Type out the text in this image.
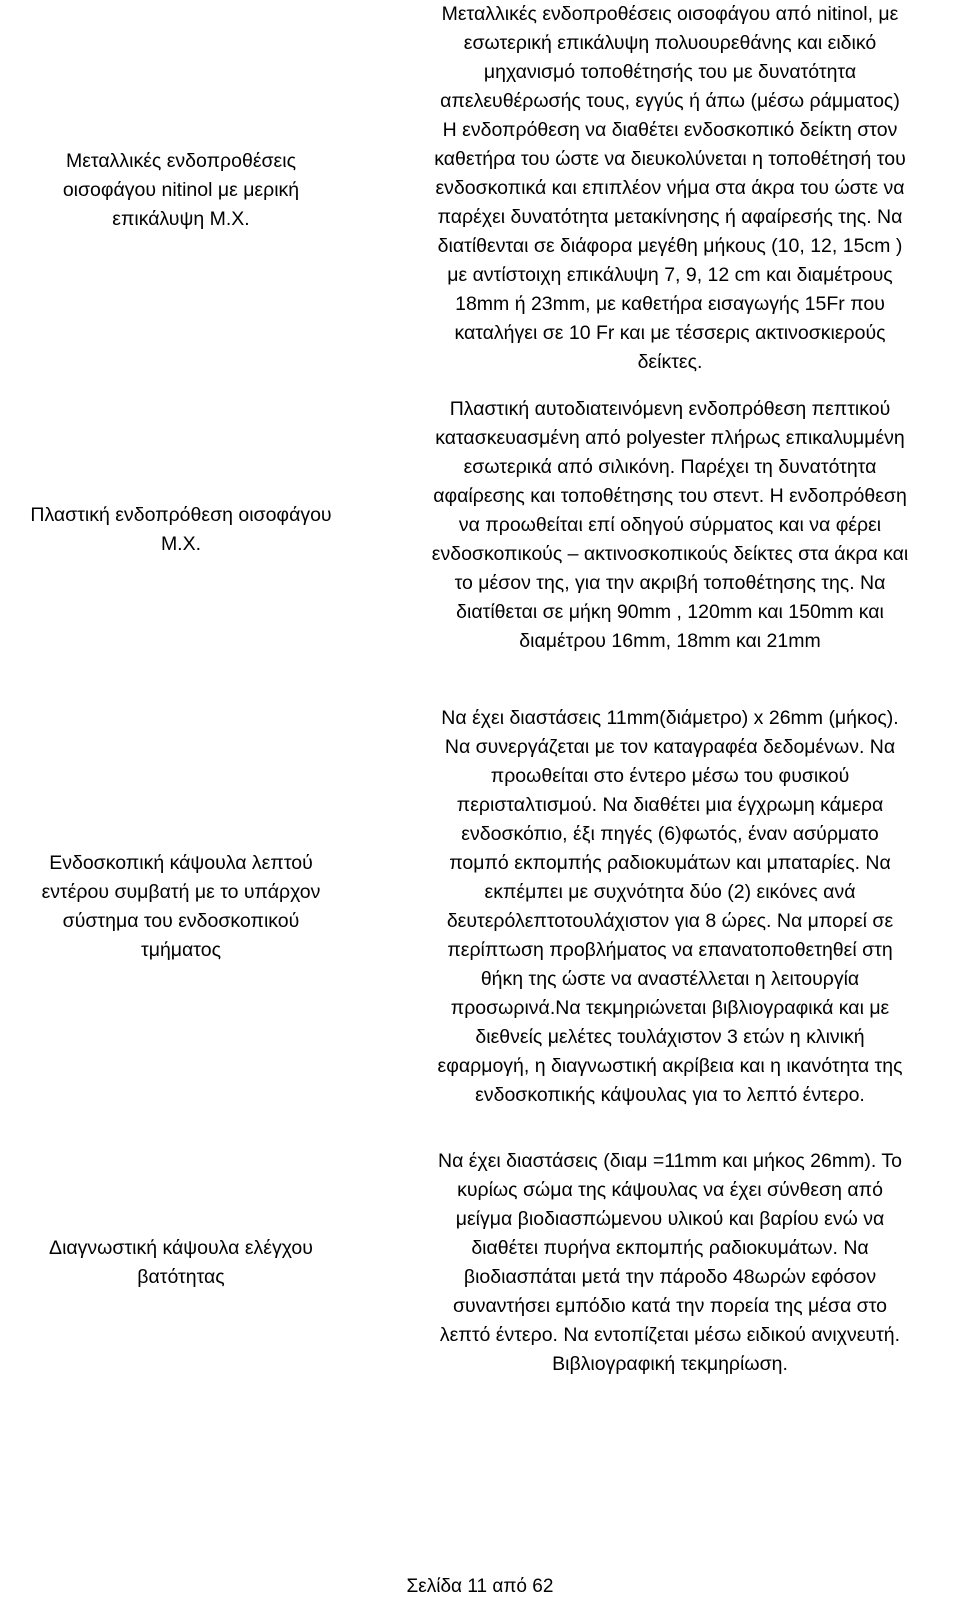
Μεταλλικές ενδοπροθέσεις
οισοφάγου nitinol με μερική
επικάλυψη Μ.Χ.
Μεταλλικές ενδοπροθέσεις οισοφάγου από nitinol, με
εσωτερική επικάλυψη πολυουρεθάνης και ειδικό
μηχανισμό τοποθέτησής του με δυνατότητα
απελευθέρωσής τους, εγγύς ή άπω (μέσω ράμματος)
Η ενδοπρόθεση να διαθέτει ενδοσκοπικό δείκτη στον
καθετήρα του ώστε να διευκολύνεται η τοποθέτησή του
ενδοσκοπικά και επιπλέον νήμα στα άκρα του ώστε να
παρέχει δυνατότητα μετακίνησης ή αφαίρεσής της. Να
διατίθενται σε διάφορα μεγέθη μήκους (10, 12, 15cm )
με αντίστοιχη επικάλυψη 7, 9, 12 cm και διαμέτρους
18mm ή 23mm, με καθετήρα εισαγωγής 15Fr που
καταλήγει σε 10 Fr και με τέσσερις ακτινοσκιερούς
δείκτες.
Πλαστική ενδοπρόθεση οισοφάγου
Μ.Χ.
Πλαστική αυτοδιατεινόμενη ενδοπρόθεση πεπτικού
κατασκευασμένη από polyester πλήρως επικαλυμμένη
εσωτερικά από σιλικόνη. Παρέχει τη δυνατότητα
αφαίρεσης και τοποθέτησης του στεντ. Η ενδοπρόθεση
να προωθείται επί οδηγού σύρματος και να φέρει
ενδοσκοπικούς – ακτινοσκοπικούς δείκτες στα άκρα και
το μέσον της, για την ακριβή τοποθέτησης της. Να
διατίθεται σε μήκη 90mm , 120mm και 150mm και
διαμέτρου 16mm, 18mm και 21mm
Ενδοσκοπική κάψουλα λεπτού
εντέρου συμβατή με το υπάρχον
σύστημα του ενδοσκοπικού
τμήματος
Να έχει διαστάσεις 11mm(διάμετρο) x 26mm (μήκος).
Να συνεργάζεται με τον καταγραφέα δεδομένων. Να
προωθείται στο έντερο μέσω του φυσικού
περισταλτισμού. Να διαθέτει μια έγχρωμη κάμερα
ενδοσκόπιο, έξι πηγές (6)φωτός, έναν ασύρματο
πομπό εκπομπής ραδιοκυμάτων και μπαταρίες. Να
εκπέμπει με συχνότητα δύο (2) εικόνες ανά
δευτερόλεπτοτουλάχιστον για 8 ώρες. Να μπορεί σε
περίπτωση προβλήματος να επανατοποθετηθεί στη
θήκη της ώστε να αναστέλλεται η λειτουργία
προσωρινά.Να τεκμηριώνεται βιβλιογραφικά και με
διεθνείς μελέτες τουλάχιστον 3 ετών η κλινική
εφαρμογή, η διαγνωστική ακρίβεια και η ικανότητα της
ενδοσκοπικής κάψουλας για το λεπτό έντερο.
Διαγνωστική κάψουλα ελέγχου
βατότητας
Να έχει διαστάσεις (διαμ =11mm και μήκος 26mm). Το
κυρίως σώμα της κάψουλας να έχει σύνθεση από
μείγμα βιοδιασπώμενου υλικού και βαρίου ενώ να
διαθέτει πυρήνα εκπομπής ραδιοκυμάτων. Να
βιοδιασπάται μετά την πάροδο 48ωρών εφόσον
συναντήσει εμπόδιο κατά την πορεία της μέσα στο
λεπτό έντερο. Να εντοπίζεται μέσω ειδικού ανιχνευτή.
Βιβλιογραφική τεκμηρίωση.
Σελίδα 11 από 62
